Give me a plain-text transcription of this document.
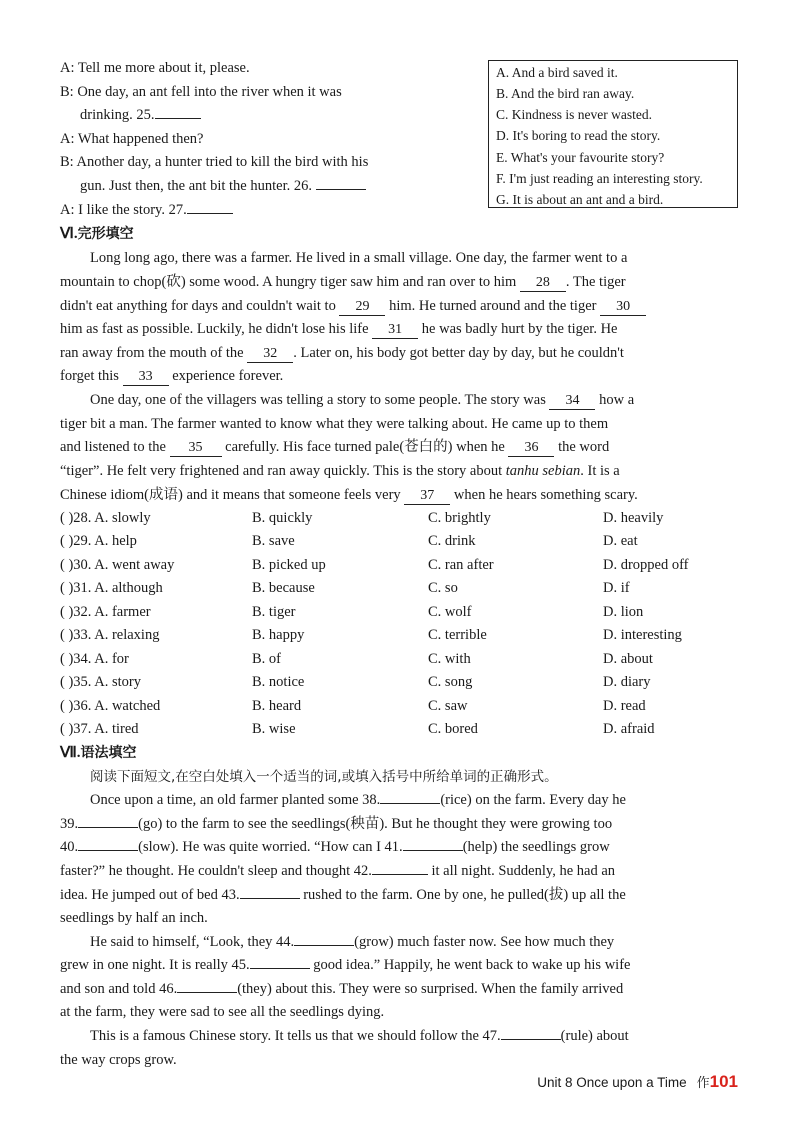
A: Tell me more about it, please.
B: One day, an ant fell into the river when it was
drinking. 25.
A: What happened then?
B: Another day, a hunter tried to kill the bird with his
gun. Just then, the ant bit the hunter. 26.
A: I like the story. 27.
A. And a bird saved it.
B. And the bird ran away.
C. Kindness is never wasted.
D. It's boring to read the story.
E. What's your favourite story?
F. I'm just reading an interesting story.
G. It is about an ant and a bird.
Ⅵ.完形填空
Long long ago, there was a farmer. He lived in a small village. One day, the farmer went to a
mountain to chop(砍) some wood. A hungry tiger saw him and ran over to him 28 . The tiger
didn't eat anything for days and couldn't wait to 29 him. He turned around and the tiger 30
him as fast as possible. Luckily, he didn't lose his life 31 he was badly hurt by the tiger. He
ran away from the mouth of the 32 . Later on, his body got better day by day, but he couldn't
forget this 33 experience forever.
One day, one of the villagers was telling a story to some people. The story was 34 how a
tiger bit a man. The farmer wanted to know what they were talking about. He came up to them
and listened to the 35 carefully. His face turned pale(苍白的) when he 36 the word
“tiger”. He felt very frightened and ran away quickly. This is the story about tanhu sebian. It is a
Chinese idiom(成语) and it means that someone feels very 37 when he hears something scary.
( )28. A. slowly	B. quickly	C. brightly	D. heavily
( )29. A. help	B. save	C. drink	D. eat
( )30. A. went away	B. picked up	C. ran after	D. dropped off
( )31. A. although	B. because	C. so	D. if
( )32. A. farmer	B. tiger	C. wolf	D. lion
( )33. A. relaxing	B. happy	C. terrible	D. interesting
( )34. A. for	B. of	C. with	D. about
( )35. A. story	B. notice	C. song	D. diary
( )36. A. watched	B. heard	C. saw	D. read
( )37. A. tired	B. wise	C. bored	D. afraid
Ⅶ.语法填空
阅读下面短文,在空白处填入一个适当的词,或填入括号中所给单词的正确形式。
Once upon a time, an old farmer planted some 38.	(rice) on the farm. Every day he
39.	(go) to the farm to see the seedlings(秧苗). But he thought they were growing too
40.	(slow). He was quite worried. “How can I 41.	(help) the seedlings grow
faster?” he thought. He couldn't sleep and thought 42.	it all night. Suddenly, he had an
idea. He jumped out of bed 43.	rushed to the farm. One by one, he pulled(拔) up all the
seedlings by half an inch.
He said to himself, “Look, they 44.	(grow) much faster now. See how much they
grew in one night. It is really 45.	good idea.” Happily, he went back to wake up his wife
and son and told 46.	(they) about this. They were so surprised. When the family arrived
at the farm, they were sad to see all the seedlings dying.
This is a famous Chinese story. It tells us that we should follow the 47.	(rule) about
the way crops grow.
Unit 8 Once upon a Time 作101
